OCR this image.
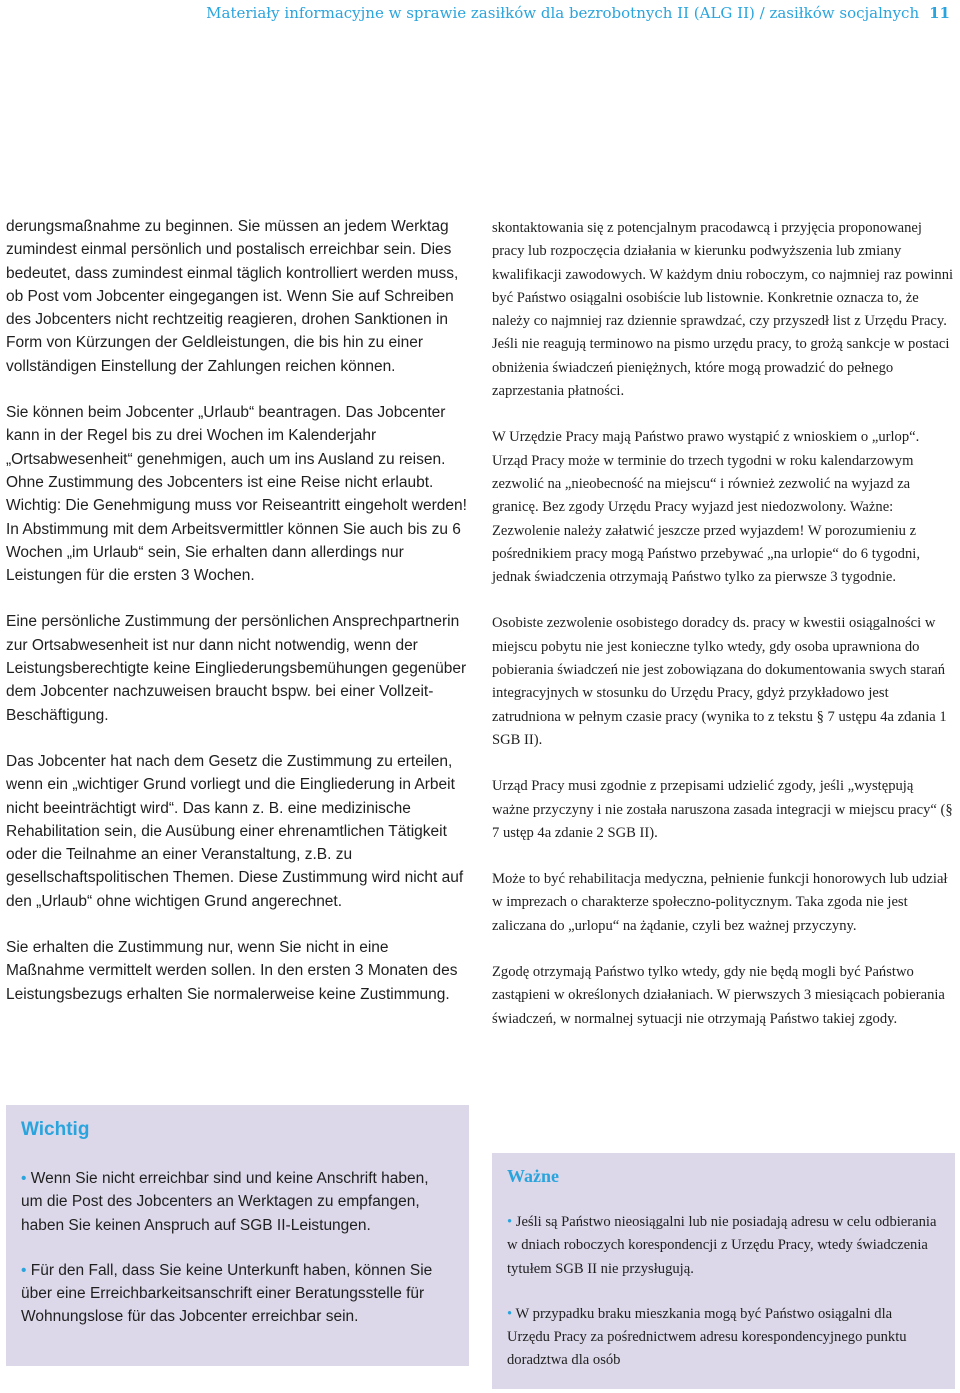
Materiały informacyjne w sprawie zasiłków dla bezrobotnych II (ALG II) / zasiłków socjalnych 11

derungsmaßnahme zu beginnen. Sie müssen an jedem Werktag zumindest einmal persönlich und postalisch erreichbar sein. Dies bedeutet, dass zumindest einmal täglich kontrolliert werden muss, ob Post vom Jobcenter eingegangen ist. Wenn Sie auf Schreiben des Jobcenters nicht rechtzeitig reagieren, drohen Sanktionen in Form von Kürzungen der Geldleistungen, die bis hin zu einer vollständigen Einstellung der Zahlungen reichen können.

Sie können beim Jobcenter „Urlaub“ beantragen. Das Jobcenter kann in der Regel bis zu drei Wochen im Kalenderjahr „Ortsabwesenheit“ genehmigen, auch um ins Ausland zu reisen. Ohne Zustimmung des Jobcenters ist eine Reise nicht erlaubt. Wichtig: Die Genehmigung muss vor Reiseantritt eingeholt werden! In Abstimmung mit dem Arbeitsvermittler können Sie auch bis zu 6 Wochen „im Urlaub“ sein, Sie erhalten dann allerdings nur Leistungen für die ersten 3 Wochen.

Eine persönliche Zustimmung der persönlichen Ansprechpartnerin zur Ortsabwesenheit ist nur dann nicht notwendig, wenn der Leistungsberechtigte keine Eingliederungsbemühungen gegenüber dem Jobcenter nachzuweisen braucht bspw. bei einer Vollzeit-Beschäftigung.

Das Jobcenter hat nach dem Gesetz die Zustimmung zu erteilen, wenn ein „wichtiger Grund vorliegt und die Eingliederung in Arbeit nicht beeinträchtigt wird“. Das kann z. B. eine medizinische Rehabilitation sein, die Ausübung einer ehrenamtlichen Tätigkeit oder die Teilnahme an einer Veranstaltung, z.B. zu gesellschaftspolitischen Themen. Diese Zustimmung wird nicht auf den „Urlaub“ ohne wichtigen Grund angerechnet.

Sie erhalten die Zustimmung nur, wenn Sie nicht in eine Maßnahme vermittelt werden sollen. In den ersten 3 Monaten des Leistungsbezugs erhalten Sie normalerweise keine Zustimmung.

skontaktowania się z potencjalnym pracodawcą i przyjęcia proponowanej pracy lub rozpoczęcia działania w kierunku podwyższenia lub zmiany kwalifikacji zawodowych. W każdym dniu roboczym, co najmniej raz powinni być Państwo osiągalni osobiście lub listownie. Konkretnie oznacza to, że należy co najmniej raz dziennie sprawdzać, czy przyszedł list z Urzędu Pracy. Jeśli nie reagują terminowo na pismo urzędu pracy, to grożą sankcje w postaci obniżenia świadczeń pieniężnych, które mogą prowadzić do pełnego zaprzestania płatności.

W Urzędzie Pracy mają Państwo prawo wystąpić z wnioskiem o „urlop“. Urząd Pracy może w terminie do trzech tygodni w roku kalendarzowym zezwolić na „nieobecność na miejscu“ i również zezwolić na wyjazd za granicę. Bez zgody Urzędu Pracy wyjazd jest niedozwolony. Ważne: Zezwolenie należy załatwić jeszcze przed wyjazdem! W porozumieniu z pośrednikiem pracy mogą Państwo przebywać „na urlopie“ do 6 tygodni, jednak świadczenia otrzymają Państwo tylko za pierwsze 3 tygodnie.

Osobiste zezwolenie osobistego doradcy ds. pracy w kwestii osiągalności w miejscu pobytu nie jest konieczne tylko wtedy, gdy osoba uprawniona do pobierania świadczeń nie jest zobowiązana do dokumentowania swych starań integracyjnych w stosunku do Urzędu Pracy, gdyż przykładowo jest zatrudniona w pełnym czasie pracy (wynika to z tekstu § 7 ustępu 4a zdania 1 SGB II).

Urząd Pracy musi zgodnie z przepisami udzielić zgody, jeśli „występują ważne przyczyny i nie została naruszona zasada integracji w miejscu pracy“ (§ 7 ustęp 4a zdanie 2 SGB II).

Może to być rehabilitacja medyczna, pełnienie funkcji honorowych lub udział w imprezach o charakterze społeczno-politycznym. Taka zgoda nie jest zaliczana do „urlopu“ na żądanie, czyli bez ważnej przyczyny.

Zgodę otrzymają Państwo tylko wtedy, gdy nie będą mogli być Państwo zastąpieni w określonych działaniach. W pierwszych 3 miesiącach pobierania świadczeń, w normalnej sytuacji nie otrzymają Państwo takiej zgody.

Wichtig
• Wenn Sie nicht erreichbar sind und keine Anschrift haben, um die Post des Jobcenters an Werktagen zu empfangen, haben Sie keinen Anspruch auf SGB II-Leistungen.
• Für den Fall, dass Sie keine Unterkunft haben, können Sie über eine Erreichbarkeitsanschrift einer Beratungsstelle für Wohnungslose für das Jobcenter erreichbar sein.
Ważne
• Jeśli są Państwo nieosiągalni lub nie posiadają adresu w celu odbierania w dniach roboczych korespondencji z Urzędu Pracy, wtedy świadczenia tytułem SGB II nie przysługują.
• W przypadku braku mieszkania mogą być Państwo osiągalni dla Urzędu Pracy za pośrednictwem adresu korespondencyjnego punktu doradztwa dla osób
